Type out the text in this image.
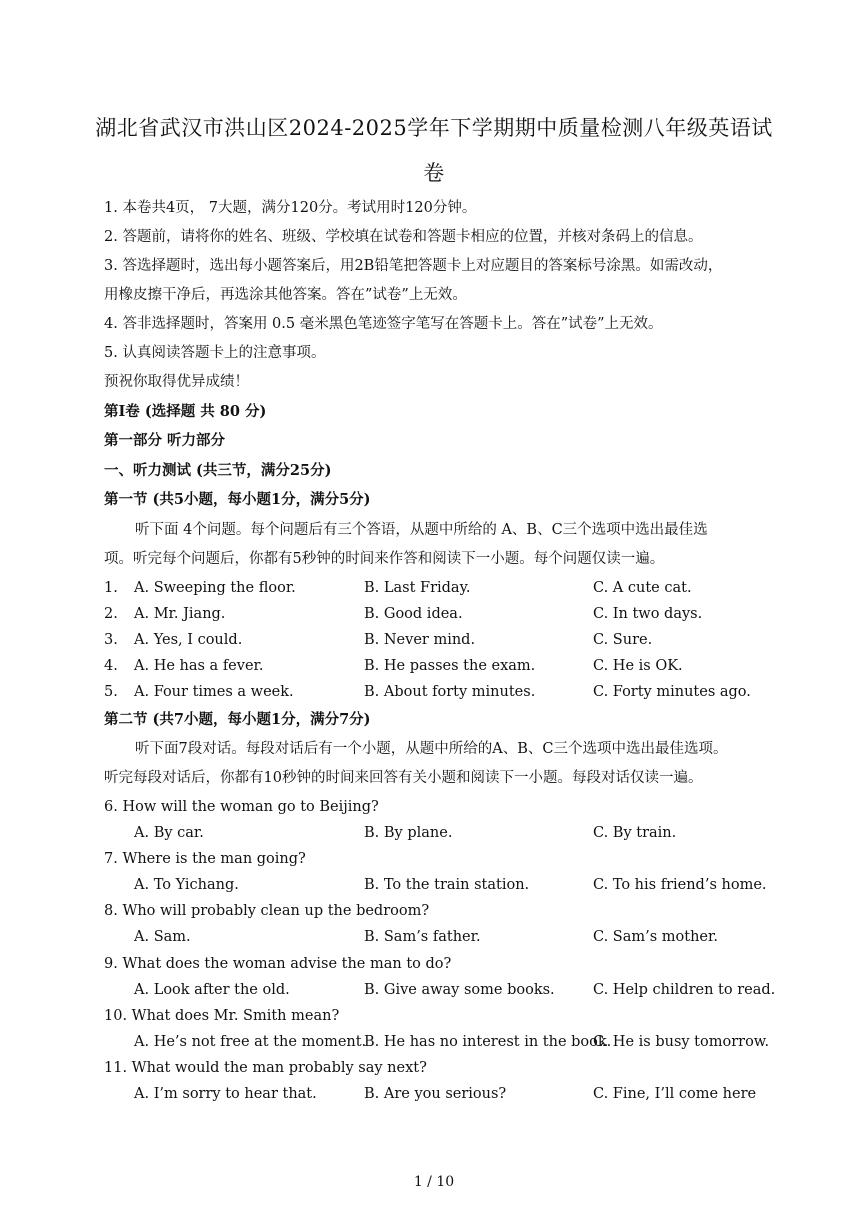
湖北省武汉市洪山区2024-2025学年下学期期中质量检测八年级英语试
卷
1. 本卷共4页， 7大题，满分120分。考试用时120分钟。
2. 答题前，请将你的姓名、班级、学校填在试卷和答题卡相应的位置，并核对条码上的信息。
3. 答选择题时，选出每小题答案后，用2B铅笔把答题卡上对应题目的答案标号涂黑。如需改动，
用橡皮擦干净后，再选涂其他答案。答在”试卷”上无效。
4. 答非选择题时，答案用 0.5 毫米黑色笔迹签字笔写在答题卡上。答在”试卷”上无效。
5. 认真阅读答题卡上的注意事项。
预祝你取得优异成绩！
第Ⅰ卷 (选择题 共 80 分)
第一部分 听力部分
一、听力测试 (共三节，满分25分)
第一节 (共5小题，每小题1分，满分5分)
听下面 4个问题。每个问题后有三个答语，从题中所给的 A、B、C三个选项中选出最佳选
项。听完每个问题后，你都有5秒钟的时间来作答和阅读下一小题。每个问题仅读一遍。
1. A. Sweeping the floor.	B. Last Friday.	C. A cute cat.
2. A. Mr. Jiang.	B. Good idea.	C. In two days.
3. A. Yes, I could.	B. Never mind.	C. Sure.
4. A. He has a fever.	B. He passes the exam.	C. He is OK.
5. A. Four times a week.	B. About forty minutes.	C. Forty minutes ago.
第二节 (共7小题，每小题1分，满分7分)
听下面7段对话。每段对话后有一个小题，从题中所给的A、B、C三个选项中选出最佳选项。
听完每段对话后，你都有10秒钟的时间来回答有关小题和阅读下一小题。每段对话仅读一遍。
6. How will the woman go to Beijing?
A. By car.	B. By plane.	C. By train.
7. Where is the man going?
A. To Yichang.	B. To the train station.	C. To his friend’s home.
8. Who will probably clean up the bedroom?
A. Sam.	B. Sam’s father.	C. Sam’s mother.
9. What does the woman advise the man to do?
A. Look after the old.	B. Give away some books.	C. Help children to read.
10. What does Mr. Smith mean?
A. He’s not free at the moment.
B. He has no interest in the book.
C. He is busy tomorrow.
11. What would the man probably say next?
A. I’m sorry to hear that.	B. Are you serious?	C. Fine, I’ll come here
1 / 10
